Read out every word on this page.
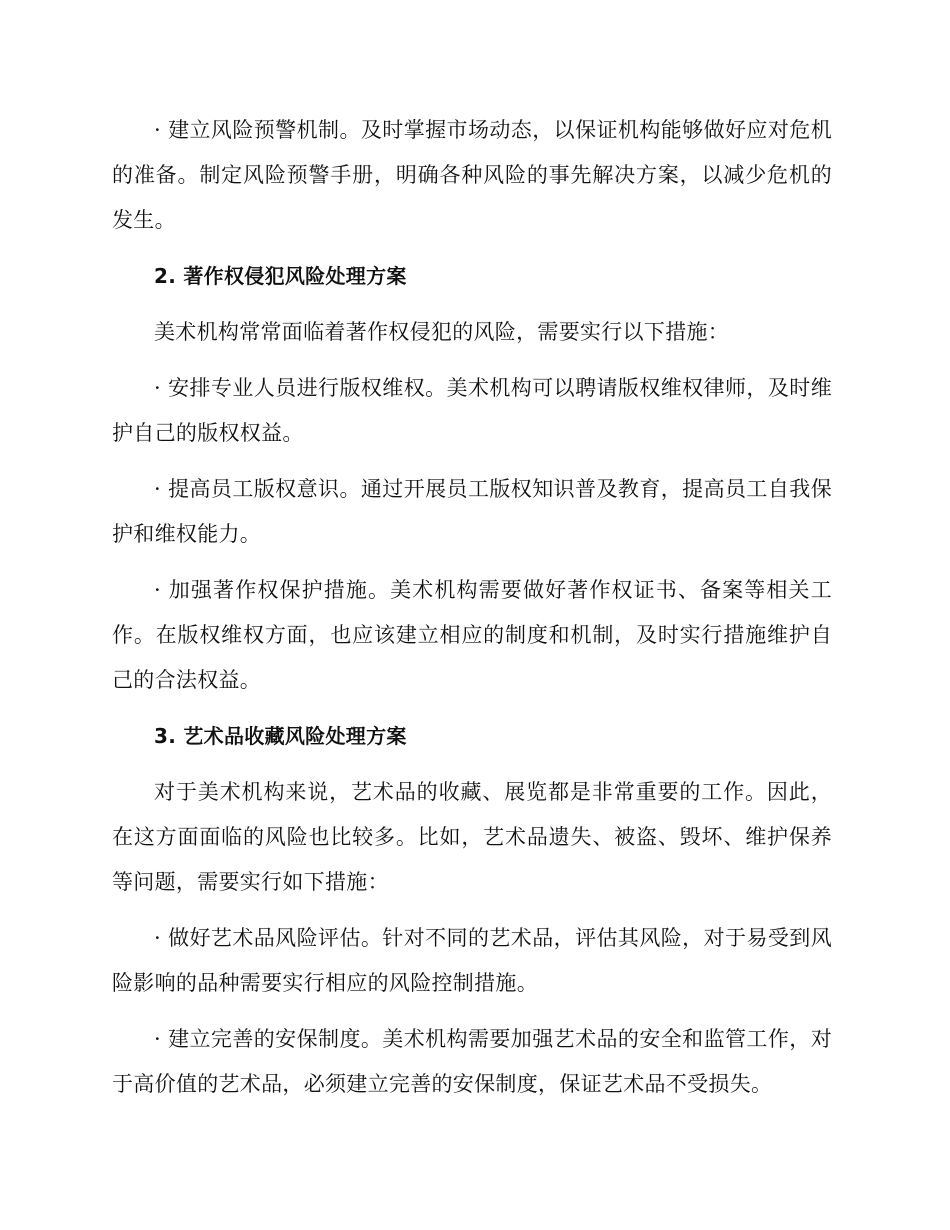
· 建立风险预警机制。及时掌握市场动态，以保证机构能够做好应对危机的准备。制定风险预警手册，明确各种风险的事先解决方案，以减少危机的发生。

2. 著作权侵犯风险处理方案

美术机构常常面临着著作权侵犯的风险，需要实行以下措施：

· 安排专业人员进行版权维权。美术机构可以聘请版权维权律师，及时维护自己的版权权益。

· 提高员工版权意识。通过开展员工版权知识普及教育，提高员工自我保护和维权能力。

· 加强著作权保护措施。美术机构需要做好著作权证书、备案等相关工作。在版权维权方面，也应该建立相应的制度和机制，及时实行措施维护自己的合法权益。

3. 艺术品收藏风险处理方案

对于美术机构来说，艺术品的收藏、展览都是非常重要的工作。因此，在这方面面临的风险也比较多。比如，艺术品遗失、被盗、毁坏、维护保养等问题，需要实行如下措施：

· 做好艺术品风险评估。针对不同的艺术品，评估其风险，对于易受到风险影响的品种需要实行相应的风险控制措施。

· 建立完善的安保制度。美术机构需要加强艺术品的安全和监管工作，对于高价值的艺术品，必须建立完善的安保制度，保证艺术品不受损失。
